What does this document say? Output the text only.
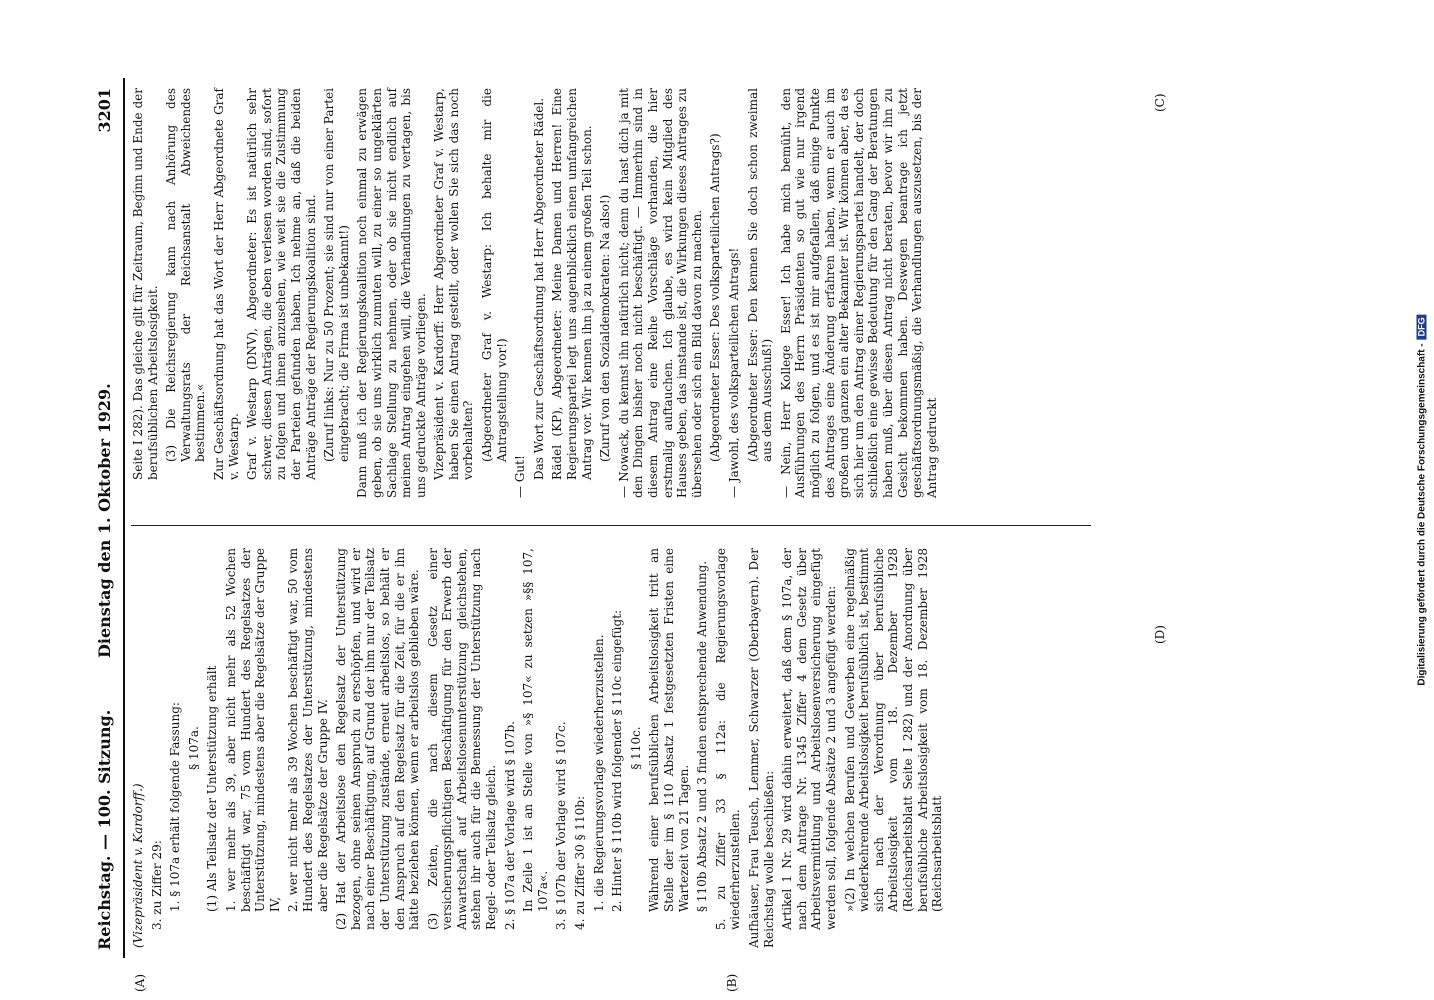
Reichstag. — 100. Sitzung.
Dienstag den 1. Oktober 1929.
3201

(Vizepräsident v. Kardorff.) 3. zu Ziffer 29: 1. § 107a erhält folgende Fassung: § 107a. (1) Als Teilsatz der Unterstützung erhält 1. wer mehr als 39, aber nicht mehr als 52 Wochen beschäftigt war, 75 vom Hundert des Regelsatzes der Unterstützung, mindestens aber die Regelsätze der Gruppe IV, 2. wer nicht mehr als 39 Wochen beschäftigt war, 50 vom Hundert des Regelsatzes der Unterstützung, mindestens aber die Regelsätze der Gruppe IV. (2) Hat der Arbeitslose den Regelsatz der Unterstützung bezogen, ohne seinen Anspruch zu erschöpfen, und wird er nach einer Beschäftigung, auf Grund der ihm nur der Teilsatz der Unterstützung zustände, erneut arbeitslos, so behält er den Anspruch auf den Regelsatz für die Zeit, für die er ihn hätte beziehen können, wenn er arbeitslos geblieben wäre. (3) Zeiten, die nach diesem Gesetz einer versicherungspflichtigen Beschäftigung für den Erwerb der Anwartschaft auf Arbeitslosenunterstützung gleichstehen, stehen ihr auch für die Bemessung der Unterstützung nach Regel- oder Teilsatz gleich. 2. § 107a der Vorlage wird § 107b. In Zeile 1 ist an Stelle von »§ 107« zu setzen »§§ 107, 107a«. 3. § 107b der Vorlage wird § 107c. 4. zu Ziffer 30 § 110b: 1. die Regierungsvorlage wiederherzustellen. 2. Hinter § 110b wird folgender § 110c eingefügt: § 110c. Während einer berufsüblichen Arbeitslosigkeit tritt an Stelle der im § 110 Absatz 1 festgesetzten Fristen eine Wartezeit von 21 Tagen. § 110b Absatz 2 und 3 finden entsprechende Anwendung. 5. zu Ziffer 33 § 112a: die Regierungsvorlage wiederherzustellen. Aufhäuser, Frau Teusch, Lemmer, Schwarzer (Oberbayern). Der Reichstag wolle beschließen: Artikel 1 Nr. 29 wird dahin erweitert, daß dem § 107a, der nach dem Antrage Nr. 1345 Ziffer 4 dem Gesetz über Arbeitsvermittlung und Arbeitslosenversicherung eingefügt werden soll, folgende Absätze 2 und 3 angefügt werden: »(2) In welchen Berufen und Gewerben eine regelmäßig wiederkehrende Arbeitslosigkeit berufsüblich ist, bestimmt sich nach der Verordnung über berufsübliche Arbeitslosigkeit vom 18. Dezember 1928 (Reichsarbeitsblatt Seite I 282) und der Anordnung über berufsübliche Arbeitslosigkeit vom 18. Dezember 1928 (Reichsarbeitsblatt

Seite I 282). Das gleiche gilt für Zeitraum, Beginn und Ende der berufsüblichen Arbeitslosigkeit. (3) Die Reichsregierung kann nach Anhörung des Verwaltungsrats der Reichsanstalt Abweichendes bestimmen.« Zur Geschäftsordnung hat das Wort der Herr Abgeordnete Graf v. Westarp. Graf v. Westarp (DNV), Abgeordneter: Es ist natürlich sehr schwer, diesen Anträgen, die eben verlesen worden sind, sofort zu folgen und ihnen anzusehen, wie weit sie die Zustimmung der Parteien gefunden haben. Ich nehme an, daß die beiden Anträge Anträge der Regierungskoalition sind. (Zuruf links: Nur zu 50 Prozent; sie sind nur von einer Partei eingebracht; die Firma ist unbekannt!) Dann muß ich der Regierungskoalition noch einmal zu erwägen geben, ob sie uns wirklich zumuten will, zu einer so ungeklärten Sachlage Stellung zu nehmen, oder ob sie nicht endlich auf meinen Antrag eingehen will, die Verhandlungen zu vertagen, bis uns gedruckte Anträge vorliegen. Vizepräsident v. Kardorff: Herr Abgeordneter Graf v. Westarp, haben Sie einen Antrag gestellt, oder wollen Sie sich das noch vorbehalten? (Abgeordneter Graf v. Westarp: Ich behalte mir die Antragstellung vor!)

— Gut! Das Wort zur Geschäftsordnung hat Herr Abgeordneter Rädel. Rädel (KP), Abgeordneter: Meine Damen und Herren! Eine Regierungspartei legt uns augenblicklich einen umfangreichen Antrag vor. Wir kennen ihn ja zu einem großen Teil schon. (Zuruf von den Sozialdemokraten: Na also!) — Nowack, du kennst ihn natürlich nicht; denn du hast dich ja mit den Dingen bisher noch nicht beschäftigt. — Immerhin sind in diesem Antrag eine Reihe Vorschläge vorhanden, die hier erstmalig auftauchen. Ich glaube, es wird kein Mitglied des Hauses geben, das imstande ist, die Wirkungen dieses Antrages zu übersehen oder sich ein Bild davon zu machen. (Abgeordneter Esser: Des volksparteilichen Antrags?) — Jawohl, des volksparteilichen Antrags! (Abgeordneter Esser: Den kennen Sie doch schon zweimal aus dem Ausschuß!) — Nein, Herr Kollege Esser! Ich habe mich bemüht, den Ausführungen des Herrn Präsidenten so gut wie nur irgend möglich zu folgen, und es ist mir aufgefallen, daß einige Punkte des Antrages eine Änderung erfahren haben, wenn er auch im großen und ganzen ein alter Bekannter ist. Wir können aber, da es sich hier um den Antrag einer Regierungspartei handelt, der doch schließlich eine gewisse Bedeutung für den Gang der Beratungen haben muß, über diesen Antrag nicht beraten, bevor wir ihn zu Gesicht bekommen haben. Deswegen beantrage ich jetzt geschäftsordnungsmäßig, die Verhandlungen auszusetzen, bis der Antrag gedruckt

(A)	(B)
(C)
(D)	Digitalisierung gefördert durch die Deutsche Forschungsgemeinschaft -DFG
